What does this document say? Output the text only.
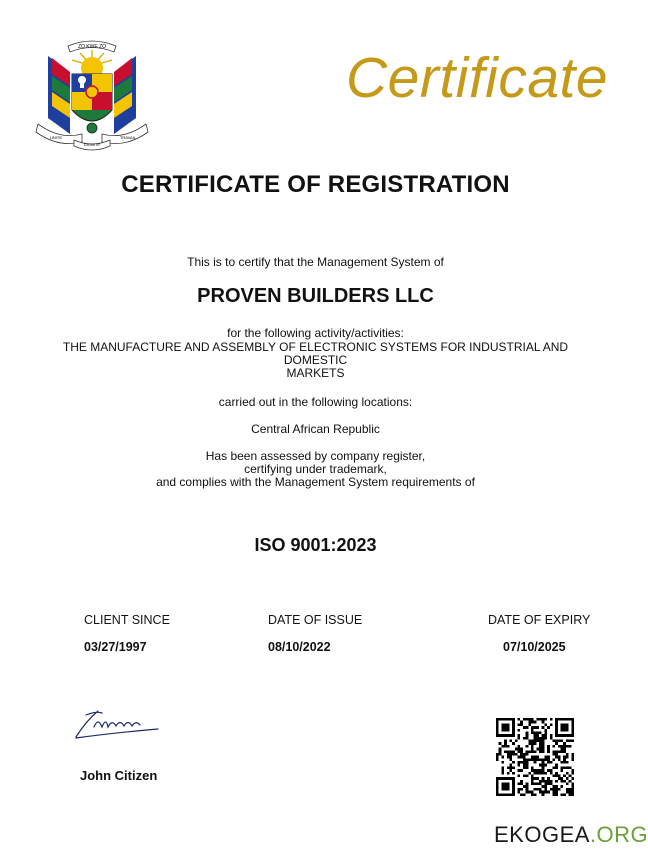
ZO KWE ZO
UNITE	TRAVAIL
DIGNITE
Certificate
CERTIFICATE OF REGISTRATION
This is to certify that the Management System of
PROVEN BUILDERS LLC
for the following activity/activities:
THE MANUFACTURE AND ASSEMBLY OF ELECTRONIC SYSTEMS FOR INDUSTRIAL AND
DOMESTIC
MARKETS
carried out in the following locations:
Central African Republic
Has been assessed by company register,
certifying under trademark,
and complies with the Management System requirements of
ISO 9001:2023
CLIENT SINCE	DATE OF ISSUE	DATE OF EXPIRY
03/27/1997	08/10/2022	07/10/2025
John Citizen
EKOGEA.ORG
